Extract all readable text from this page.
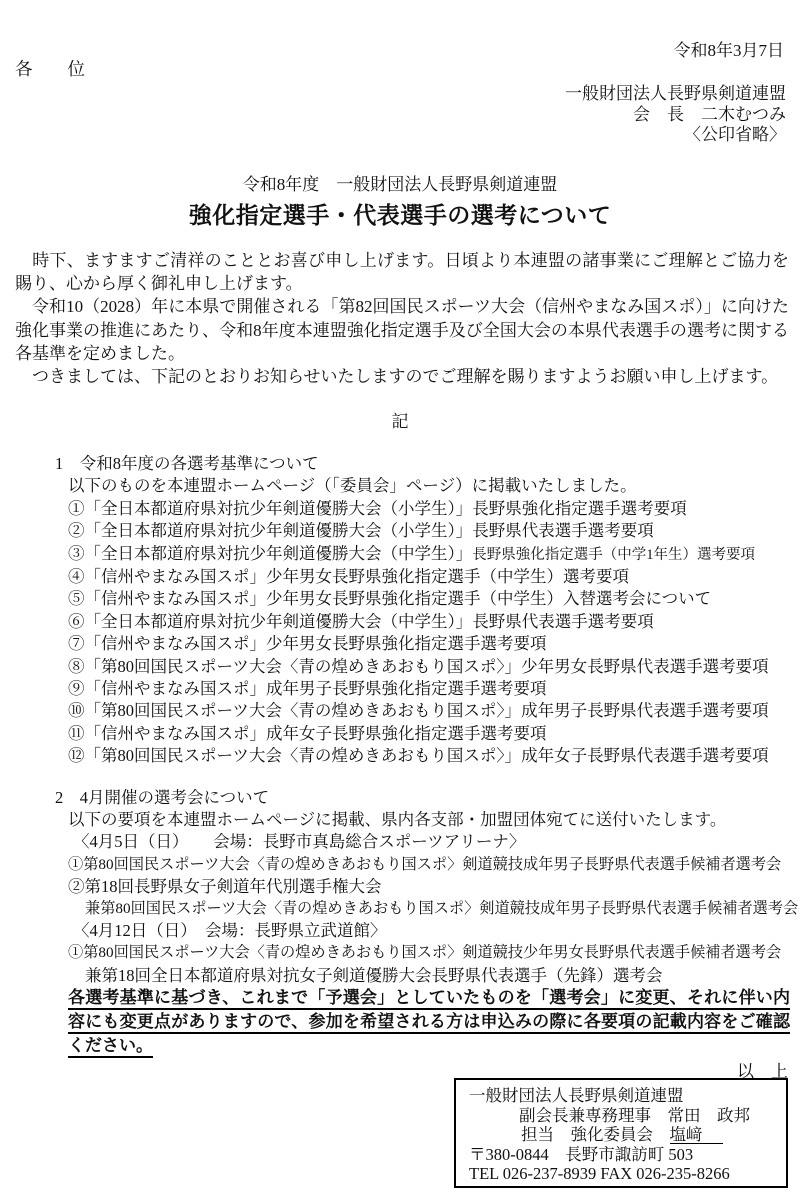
令和8年3月7日
各　　位
一般財団法人長野県剣道連盟
会　長　二木むつみ
〈公印省略〉
令和8年度　一般財団法人長野県剣道連盟
強化指定選手・代表選手の選考について

　時下、ますますご清祥のこととお喜び申し上げます。日頃より本連盟の諸事業にご理解とご協力を賜り、心から厚く御礼申し上げます。

　令和10（2028）年に本県で開催される「第82回国民スポーツ大会（信州やまなみ国スポ）」に向けた強化事業の推進にあたり、令和8年度本連盟強化指定選手及び全国大会の本県代表選手の選考に関する各基準を定めました。

　つきましては、下記のとおりお知らせいたしますのでご理解を賜りますようお願い申し上げます。

記
1　令和8年度の各選考基準について
以下のものを本連盟ホームページ（「委員会」ページ）に掲載いたしました。
①「全日本都道府県対抗少年剣道優勝大会（小学生）」長野県強化指定選手選考要項
②「全日本都道府県対抗少年剣道優勝大会（小学生）」長野県代表選手選考要項
③「全日本都道府県対抗少年剣道優勝大会（中学生）」長野県強化指定選手（中学1年生）選考要項
④「信州やまなみ国スポ」少年男女長野県強化指定選手（中学生）選考要項
⑤「信州やまなみ国スポ」少年男女長野県強化指定選手（中学生）入替選考会について
⑥「全日本都道府県対抗少年剣道優勝大会（中学生）」長野県代表選手選考要項
⑦「信州やまなみ国スポ」少年男女長野県強化指定選手選考要項
⑧「第80回国民スポーツ大会〈青の煌めきあおもり国スポ〉」少年男女長野県代表選手選考要項
⑨「信州やまなみ国スポ」成年男子長野県強化指定選手選考要項
⑩「第80回国民スポーツ大会〈青の煌めきあおもり国スポ〉」成年男子長野県代表選手選考要項
⑪「信州やまなみ国スポ」成年女子長野県強化指定選手選考要項
⑫「第80回国民スポーツ大会〈青の煌めきあおもり国スポ〉」成年女子長野県代表選手選考要項
2　4月開催の選考会について
以下の要項を本連盟ホームページに掲載、県内各支部・加盟団体宛てに送付いたします。
〈4月5日（日）　　会場：長野市真島総合スポーツアリーナ〉
①第80回国民スポーツ大会〈青の煌めきあおもり国スポ〉剣道競技成年男子長野県代表選手候補者選考会
②第18回長野県女子剣道年代別選手権大会
兼第80回国民スポーツ大会〈青の煌めきあおもり国スポ〉剣道競技成年男子長野県代表選手候補者選考会
〈4月12日（日）　会場：長野県立武道館〉
①第80回国民スポーツ大会〈青の煌めきあおもり国スポ〉剣道競技少年男女長野県代表選手候補者選考会
兼第18回全日本都道府県対抗女子剣道優勝大会長野県代表選手（先鋒）選考会
各選考基準に基づき、これまで「予選会」としていたものを「選考会」に変更、それに伴い内
容にも変更点がありますので、参加を希望される方は申込みの際に各要項の記載内容をご確認
ください。
以　上
一般財団法人長野県剣道連盟
副会長兼専務理事　常田　政邦
担当　強化委員会　塩﨑
〒380-0844　長野市諏訪町 503
TEL 026-237-8939 FAX 026-235-8266
